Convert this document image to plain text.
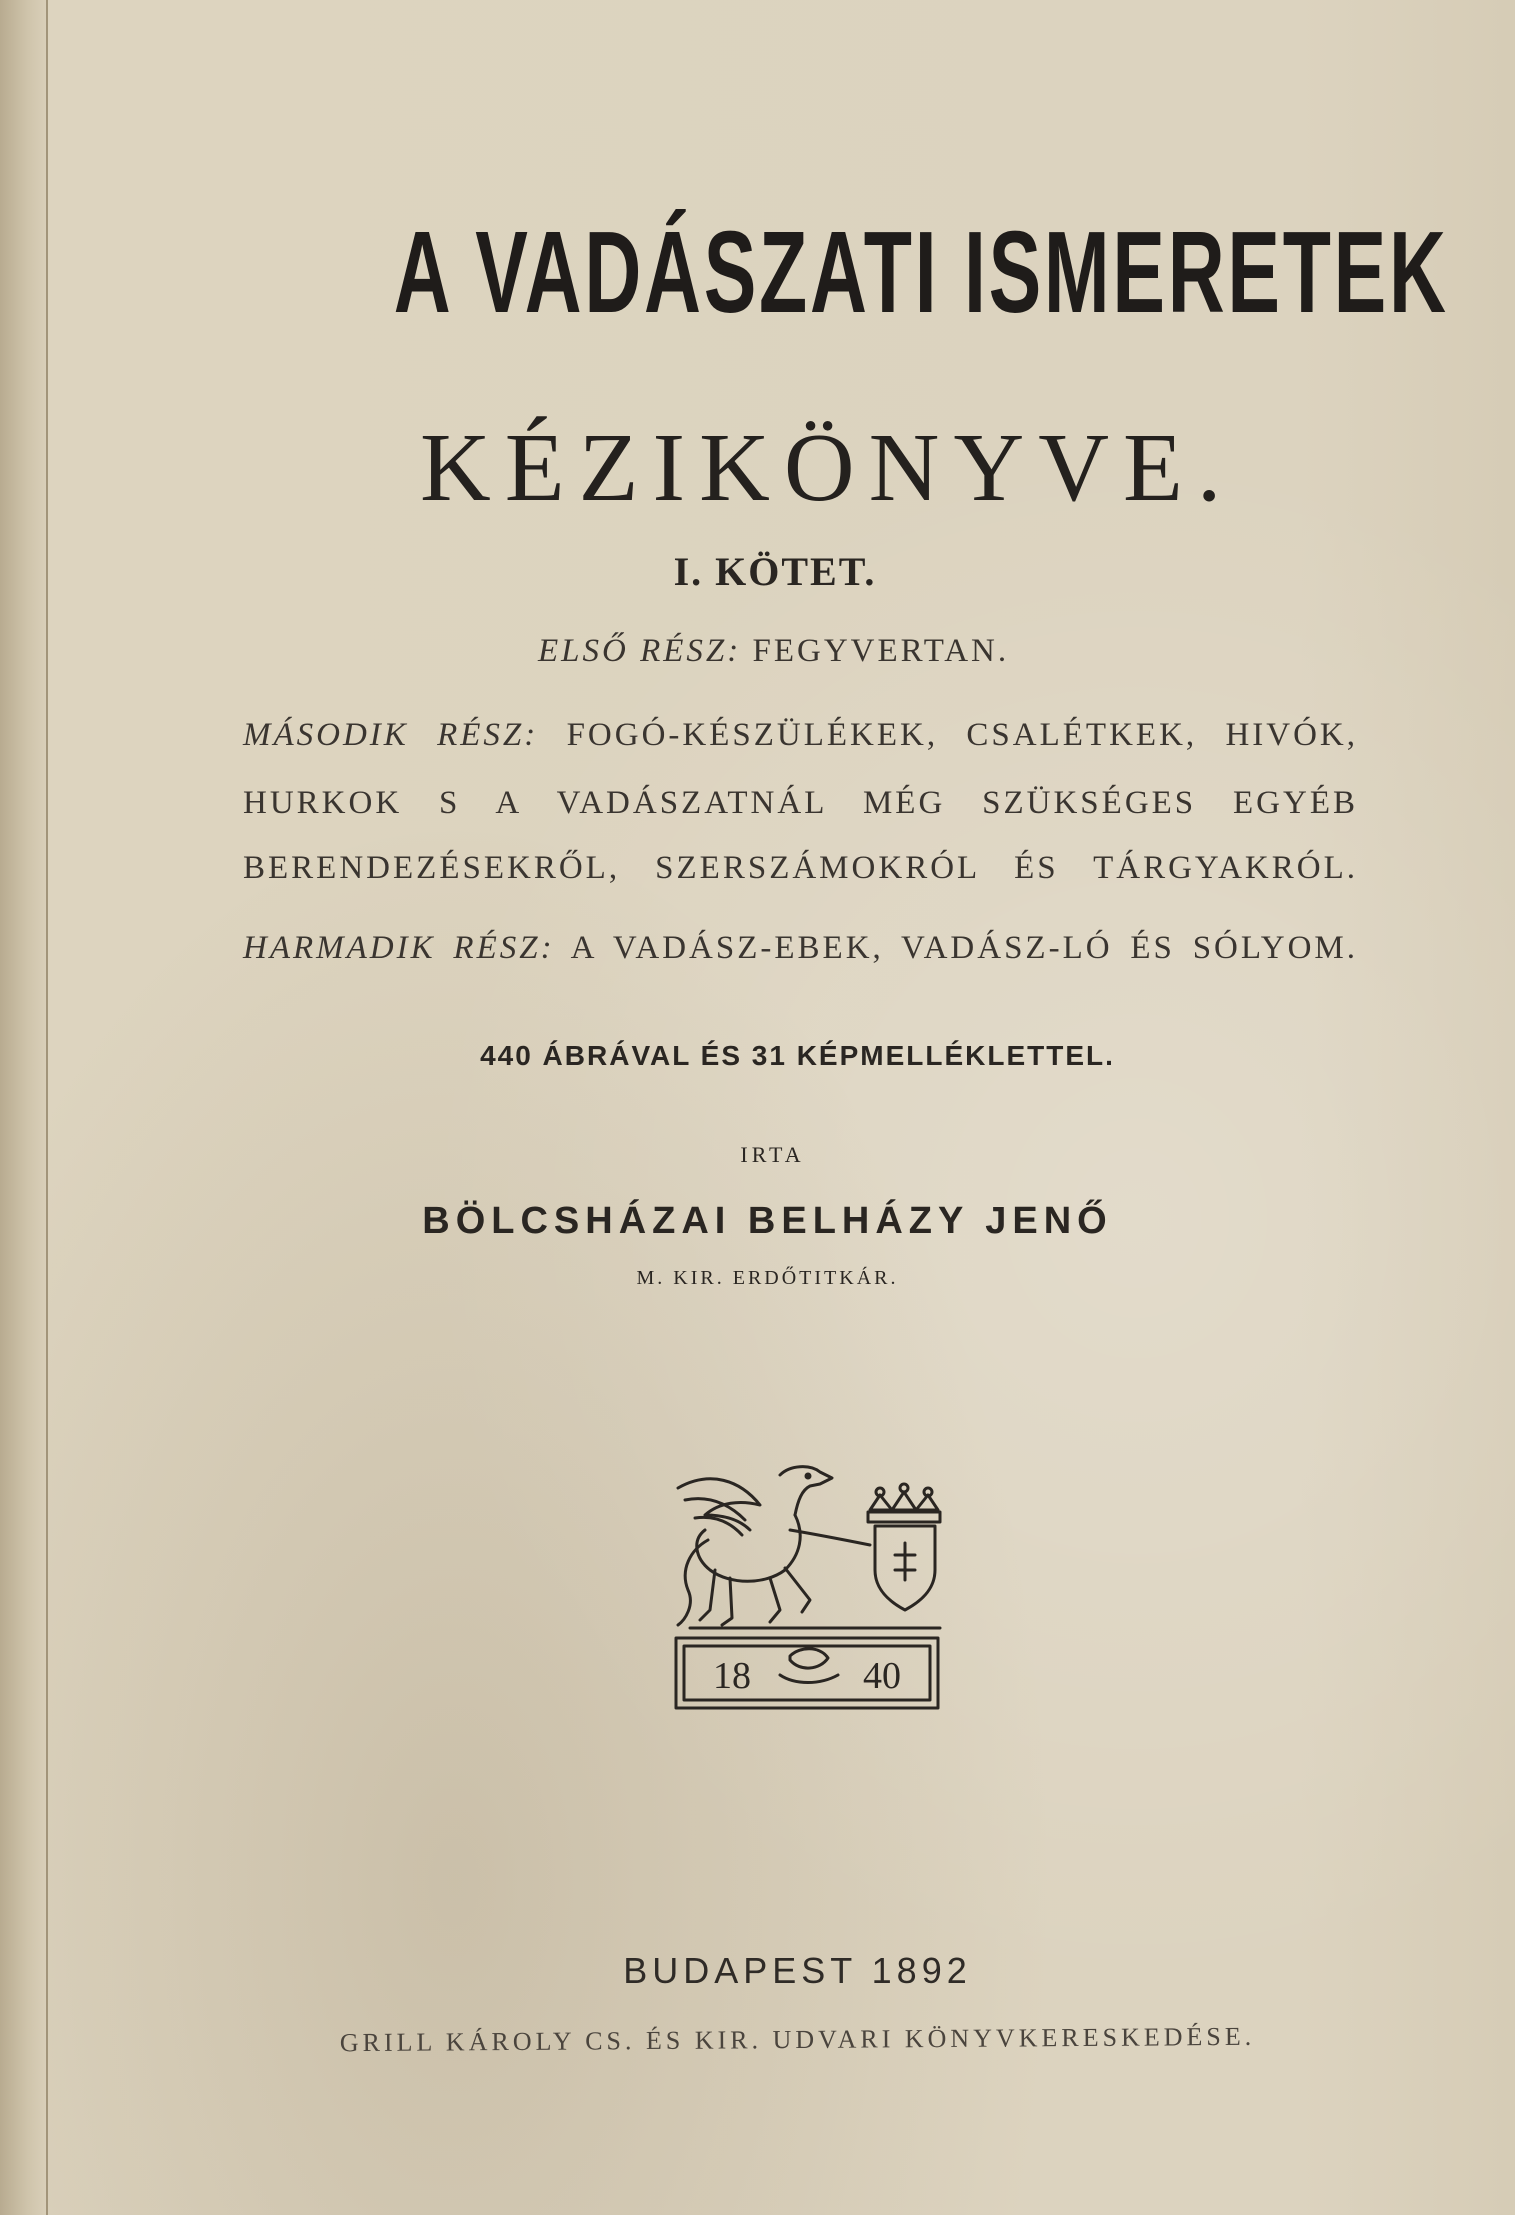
A VADÁSZATI ISMERETEK
KÉZIKÖNYVE.
I. KÖTET.
ELSŐ RÉSZ: FEGYVERTAN.
MÁSODIK RÉSZ: FOGÓ-KÉSZÜLÉKEK, CSALÉTKEK, HIVÓK,
HURKOK S A VADÁSZATNÁL MÉG SZÜKSÉGES EGYÉB
BERENDEZÉSEKRŐL, SZERSZÁMOKRÓL ÉS TÁRGYAKRÓL.
HARMADIK RÉSZ: A VADÁSZ-EBEK, VADÁSZ-LÓ ÉS SÓLYOM.
440 ÁBRÁVAL ÉS 31 KÉPMELLÉKLETTEL.
IRTA
BÖLCSHÁZAI BELHÁZY JENŐ
M. KIR. ERDŐTITKÁR.
18	40
BUDAPEST 1892
GRILL KÁROLY CS. ÉS KIR. UDVARI KÖNYVKERESKEDÉSE.
